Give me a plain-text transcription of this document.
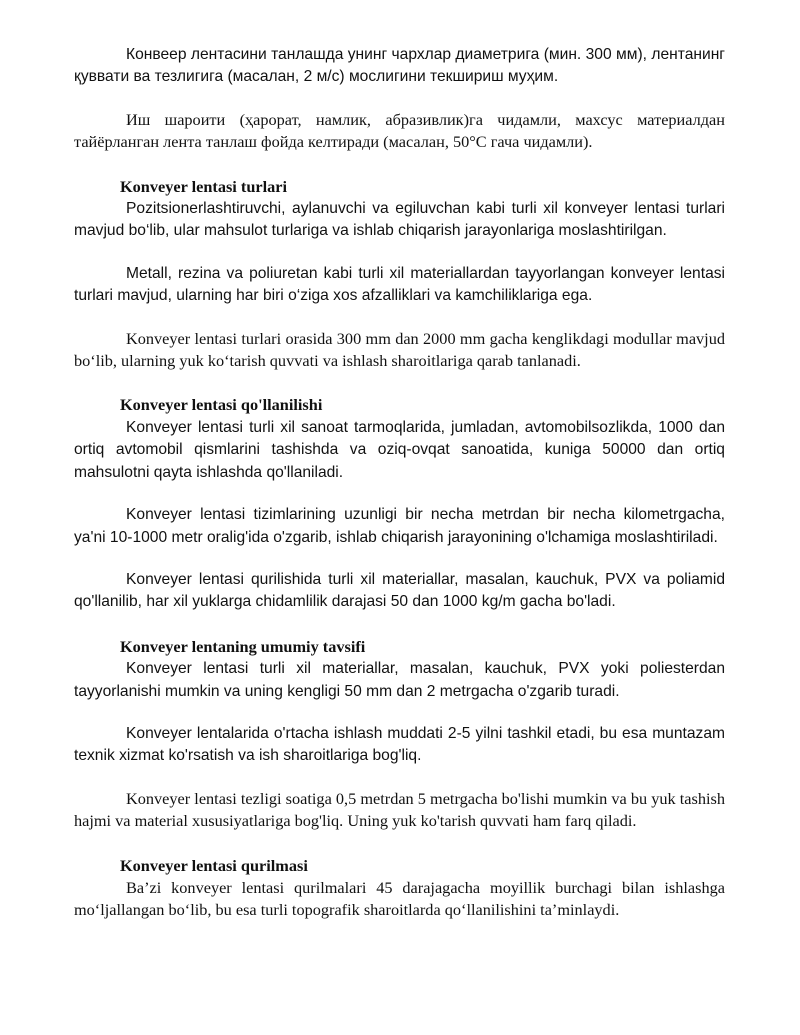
Конвеер лентасини танлашда унинг чархлар диаметрига (мин. 300 мм), лентанинг қуввати ва тезлигига (масалан, 2 м/с) мослигини текшириш муҳим.

Иш шароити (ҳарорат, намлик, абразивлик)га чидамли, махсус материалдан тайёрланган лента танлаш фойда келтиради (масалан, 50°С гача чидамли).

Konveyer lentasi turlari

Pozitsionerlashtiruvchi, aylanuvchi va egiluvchan kabi turli xil konveyer lentasi turlari mavjud bo‘lib, ular mahsulot turlariga va ishlab chiqarish jarayonlariga moslashtirilgan.

Metall, rezina va poliuretan kabi turli xil materiallardan tayyorlangan konveyer lentasi turlari mavjud, ularning har biri o‘ziga xos afzalliklari va kamchiliklariga ega.

Konveyer lentasi turlari orasida 300 mm dan 2000 mm gacha kenglikdagi modullar mavjud bo‘lib, ularning yuk ko‘tarish quvvati va ishlash sharoitlariga qarab tanlanadi.

Konveyer lentasi qo'llanilishi

Konveyer lentasi turli xil sanoat tarmoqlarida, jumladan, avtomobilsozlikda, 1000 dan ortiq avtomobil qismlarini tashishda va oziq-ovqat sanoatida, kuniga 50000 dan ortiq mahsulotni qayta ishlashda qo'llaniladi.

Konveyer lentasi tizimlarining uzunligi bir necha metrdan bir necha kilometrgacha, ya'ni 10-1000 metr oralig'ida o'zgarib, ishlab chiqarish jarayonining o'lchamiga moslashtiriladi.

Konveyer lentasi qurilishida turli xil materiallar, masalan, kauchuk, PVX va poliamid qo'llanilib, har xil yuklarga chidamlilik darajasi 50 dan 1000 kg/m gacha bo'ladi.

Konveyer lentaning umumiy tavsifi

Konveyer lentasi turli xil materiallar, masalan, kauchuk, PVX yoki poliesterdan tayyorlanishi mumkin va uning kengligi 50 mm dan 2 metrgacha o'zgarib turadi.

Konveyer lentalarida o'rtacha ishlash muddati 2-5 yilni tashkil etadi, bu esa muntazam texnik xizmat ko'rsatish va ish sharoitlariga bog'liq.

Konveyer lentasi tezligi soatiga 0,5 metrdan 5 metrgacha bo'lishi mumkin va bu yuk tashish hajmi va material xususiyatlariga bog'liq. Uning yuk ko'tarish quvvati ham farq qiladi.

Konveyer lentasi qurilmasi

Ba’zi konveyer lentasi qurilmalari 45 darajagacha moyillik burchagi bilan ishlashga mo‘ljallangan bo‘lib, bu esa turli topografik sharoitlarda qo‘llanilishini ta’minlaydi.
